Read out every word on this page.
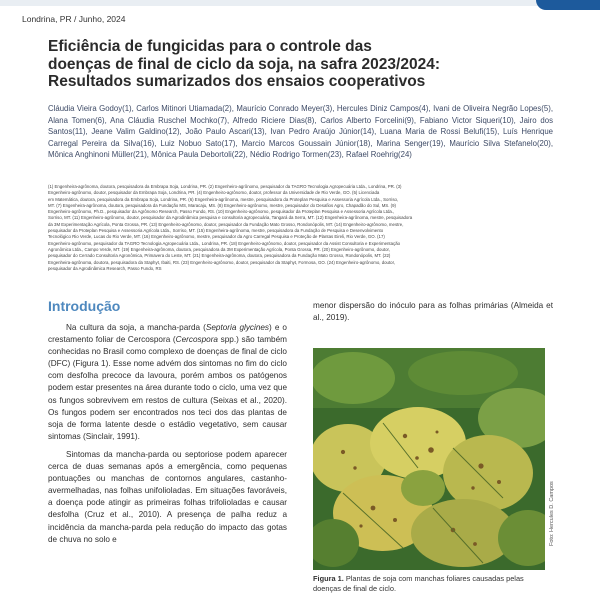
Londrina, PR / Junho, 2024
Eficiência de fungicidas para o controle das
doenças de final de ciclo da soja, na safra 2023/2024:
Resultados sumarizados dos ensaios cooperativos
Cláudia Vieira Godoy(1), Carlos Mitinori Utiamada(2), Maurício Conrado Meyer(3), Hercules Diniz Campos(4), Ivani de Oliveira Negrão Lopes(5), Alana Tomen(6), Ana Cláudia Ruschel Mochko(7), Alfredo Riciere Dias(8), Carlos Alberto Forcelini(9), Fabiano Victor Siqueri(10), Jairo dos Santos(11), Jeane Valim Galdino(12), João Paulo Ascari(13), Ivan Pedro Araújo Júnior(14), Luana Maria de Rossi Belufi(15), Luís Henrique Carregal Pereira da Silva(16), Luiz Nobuo Sato(17), Marcio Marcos Goussain Júnior(18), Marina Senger(19), Maurício Silva Stefanelo(20), Mônica Anghinoni Müller(21), Mônica Paula Debortoli(22), Nédio Rodrigo Tormen(23), Rafael Roehrig(24)
(1) Engenheira-agrônoma, doutora, pesquisadora da Embrapa Soja, Londrina, PR. (2) Engenheiro-agrônomo, pesquisador da TAGRO Tecnologia Agropecuária Ltda., Londrina, PR. (3)
Engenheiro-agrônomo, doutor, pesquisador da Embrapa Soja, Londrina, PR. (4) Engenheiro-agrônomo, doutor, professor da Universidade de Rio Verde, GO. (5) Licenciada
em Matemática, doutora, pesquisadora da Embrapa Soja, Londrina, PR. (6) Engenheira-agrônoma, mestre, pesquisadora da Proteplan Pesquisa e Assessoria Agrícola Ltda., Sorriso,
MT. (7) Engenheira-agrônoma, doutora, pesquisadora da Fundação MS, Maracaju, MS. (8) Engenheiro-agrônomo, mestre, pesquisador do Desafios Agro, Chapadão do Sul, MS. (9)
Engenheiro-agrônomo, Ph.D., pesquisador da Agrônomo Research, Passo Fundo, RS. (10) Engenheiro-agrônomo, pesquisador da Proteplan Pesquisa e Assessoria Agrícola Ltda.,
Sorriso, MT. (11) Engenheiro-agrônomo, doutor, pesquisador da Agrodinâmica pesquisa e consultoria agropecuária, Tangará da Serra, MT. (12) Engenheira-agrônoma, mestre, pesquisadora
da 3M Experimentação Agrícola, Ponta Grossa, PR. (13) Engenheiro-agrônomo, doutor, pesquisador da Fundação Mato Grosso, Rondonópolis, MT. (14) Engenheiro-agrônomo, mestre,
pesquisador da Proteplan Pesquisa e Assessoria Agrícola Ltda., Sorriso, MT. (15) Engenheira-agrônoma, mestre, pesquisadora da Fundação de Pesquisa e Desenvolvimento
Tecnológico Rio Verde, Lucas do Rio Verde, MT. (16) Engenheiro-agrônomo, mestre, pesquisador da Agro Carregal Pesquisa e Proteção de Plantas Eireli, Rio Verde, GO. (17)
Engenheiro-agrônomo, pesquisador da TAGRO Tecnologia Agropecuária Ltda., Londrina, PR. (18) Engenheiro-agrônomo, doutor, pesquisador da Assist Consultoria e Experimentação
Agronômica Ltda., Campo Verde, MT. (19) Engenheira-agrônoma, doutora, pesquisadora da 3M Experimentação Agrícola, Ponta Grossa, PR. (20) Engenheiro-agrônomo, doutor,
pesquisador do Cerrado Consultoria Agronômica, Primavera do Leste, MT. (21) Engenheira-agrônoma, doutora, pesquisadora da Fundação Mato Grosso, Rondonópolis, MT. (22)
Engenheira-agrônoma, doutora, pesquisadora da Staphyt, Ibaiti, RS. (23) Engenheiro-agrônomo, doutor, pesquisador da Staphyt, Formosa, GO. (24) Engenheiro-agrônomo, doutor,
pesquisador da Agrodinâmica Research, Passo Fundo, RS
Introdução

Na cultura da soja, a mancha-parda (Septoria glycines) e o crestamento foliar de Cercospora (Cercospora spp.) são também conhecidas no Brasil como complexo de doenças de final de ciclo (DFC) (Figura 1). Esse nome advém dos sintomas no fim do ciclo com desfolha precoce da lavoura, porém ambos os patógenos podem estar presentes na área durante todo o ciclo, uma vez que os fungos sobrevivem em restos de cultura (Seixas et al., 2020). Os fungos podem ser encontrados nos teci dos das plantas de soja de forma latente desde o estádio vegetativo, sem causar sintomas (Sinclair, 1991).

Sintomas da mancha-parda ou septoriose podem aparecer cerca de duas semanas após a emergência, como pequenas pontuações ou manchas de contornos angulares, castanho-avermelhadas, nas folhas unifolioladas. Em situações favoráveis, a doença pode atingir as primeiras folhas trifolioladas e causar desfolha (Cruz et al., 2010). A presença de palha reduz a incidência da mancha-parda pela redução do impacto das gotas de chuva no solo e

menor dispersão do inóculo para as folhas primárias (Almeida et al., 2019).
Foto: Hercules D. Campos
Figura 1. Plantas de soja com manchas foliares causadas pelas doenças de final de ciclo.
